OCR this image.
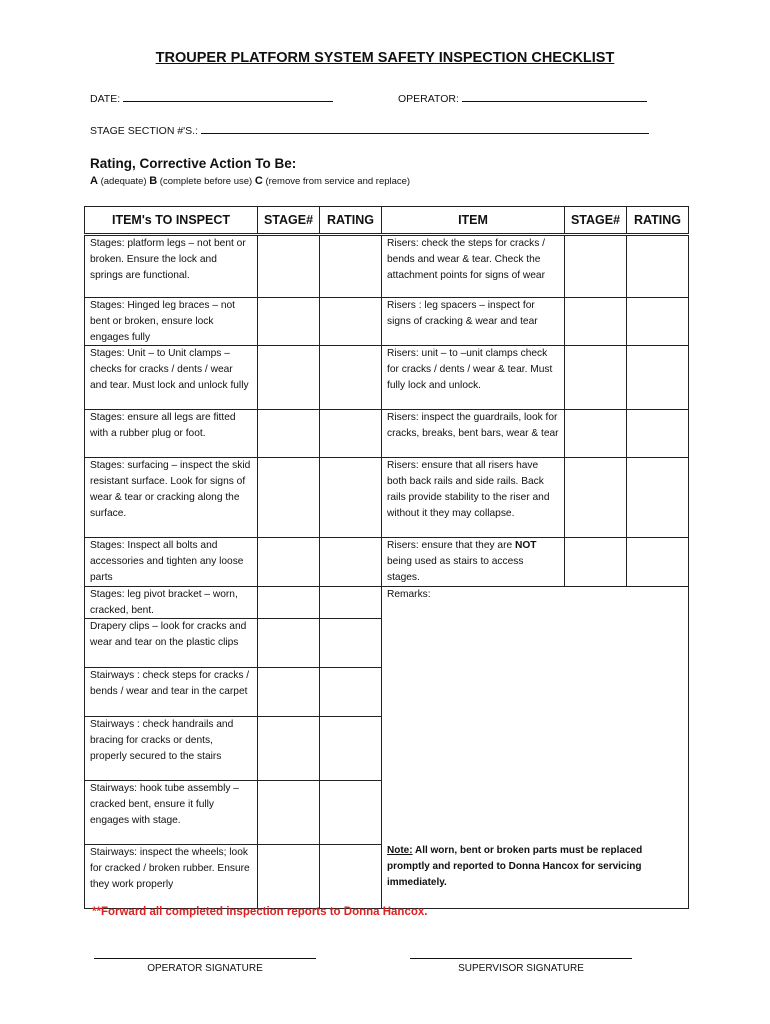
TROUPER PLATFORM SYSTEM SAFETY INSPECTION CHECKLIST
DATE:	OPERATOR:
STAGE SECTION #'S.:
Rating, Corrective Action To Be:
A (adequate) B (complete before use) C (remove from service and replace)
ITEM's TO INSPECT	STAGE#	RATING	ITEM	STAGE#	RATING
Stages: platform legs – not bent or broken. Ensure the lock and springs are functional.			Risers: check the steps for cracks / bends and wear & tear. Check the attachment points for signs of wear		
Stages: Hinged leg braces – not bent or broken, ensure lock engages fully			Risers : leg spacers – inspect for signs of cracking & wear and tear		
Stages: Unit – to Unit clamps – checks for cracks / dents / wear and tear. Must lock and unlock fully			Risers: unit – to –unit clamps check for cracks / dents / wear & tear. Must fully lock and unlock.		
Stages: ensure all legs are fitted with a rubber plug or foot.			Risers: inspect the guardrails, look for cracks, breaks, bent bars, wear & tear		
Stages: surfacing – inspect the skid resistant surface. Look for signs of wear & tear or cracking along the surface.			Risers: ensure that all risers have both back rails and side rails. Back rails provide stability to the riser and without it they may collapse.		
Stages: Inspect all bolts and accessories and tighten any loose parts			Risers: ensure that they are NOT being used as stairs to access stages.		
Stages: leg pivot bracket – worn, cracked, bent.			Remarks:
Note: All worn, bent or broken parts must be replaced promptly and reported to Donna Hancox for servicing immediately.		

Drapery clips – look for cracks and wear and tear on the plastic clips					
Stairways : check steps for cracks / bends / wear and tear in the carpet					
Stairways : check handrails and bracing for cracks or dents, properly secured to the stairs					
Stairways: hook tube assembly – cracked bent, ensure it fully engages with stage.					
Stairways: inspect the wheels; look for cracked / broken rubber. Ensure they work properly					
**Forward all completed inspection reports to Donna Hancox.
OPERATOR SIGNATURE	SUPERVISOR SIGNATURE
